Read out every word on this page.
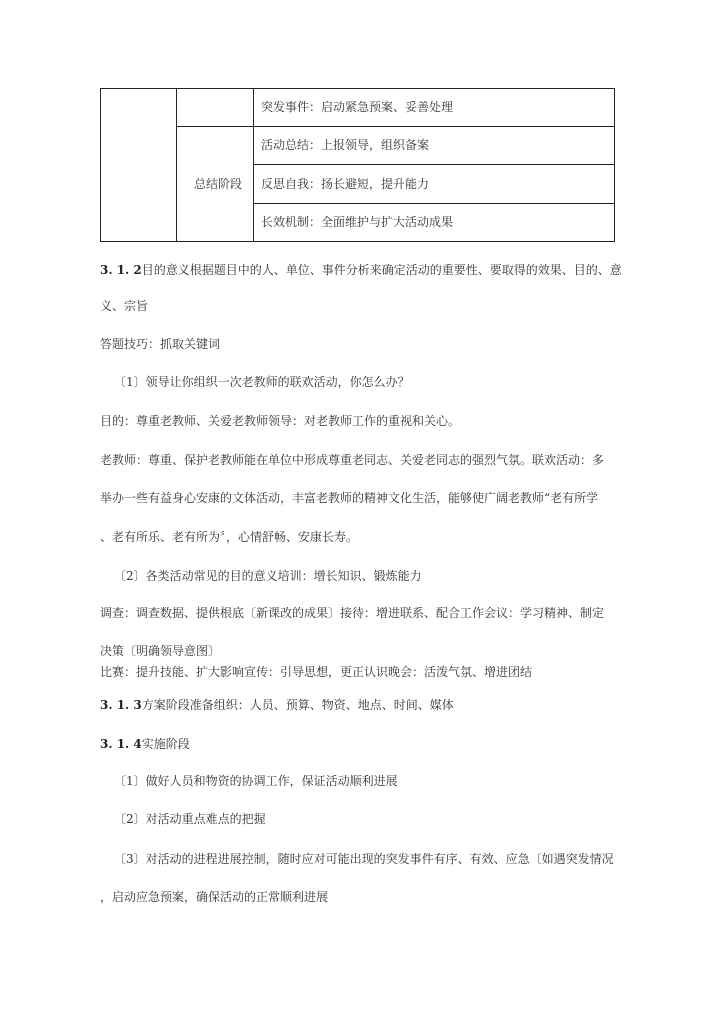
总结阶段
突发事件：启动紧急预案、妥善处理
活动总结：上报领导，组织备案
反思自我：扬长避短，提升能力
长效机制：全面维护与扩大活动成果
3. 1. 2目的意义根据题目中的人、单位、事件分析来确定活动的重要性、要取得的效果、目的、意
义、宗旨
答题技巧：抓取关键词
〔1〕领导让你组织一次老教师的联欢活动，你怎么办？
目的：尊重老教师、关爱老教师领导：对老教师工作的重视和关心。
老教师：尊重、保护老教师能在单位中形成尊重老同志、关爱老同志的强烈气氛。联欢活动：多
举办一些有益身心安康的文体活动，丰富老教师的精神文化生活，能够使广阔老教师“老有所学
、老有所乐、老有所为〞，心情舒畅、安康长寿。
〔2〕各类活动常见的目的意义培训：增长知识、锻炼能力
调查：调查数据、提供根底〔新课改的成果〕接待：增进联系、配合工作会议：学习精神、制定
决策〔明确领导意图〕
比赛：提升技能、扩大影响宣传：引导思想，更正认识晚会：活泼气氛、增进团结
3. 1. 3方案阶段准备组织：人员、预算、物资、地点、时间、媒体
3. 1. 4实施阶段
〔1〕做好人员和物资的协调工作，保证活动顺利进展
〔2〕对活动重点难点的把握
〔3〕对活动的进程进展控制，随时应对可能出现的突发事件有序、有效、应急〔如遇突发情况
，启动应急预案，确保活动的正常顺利进展
